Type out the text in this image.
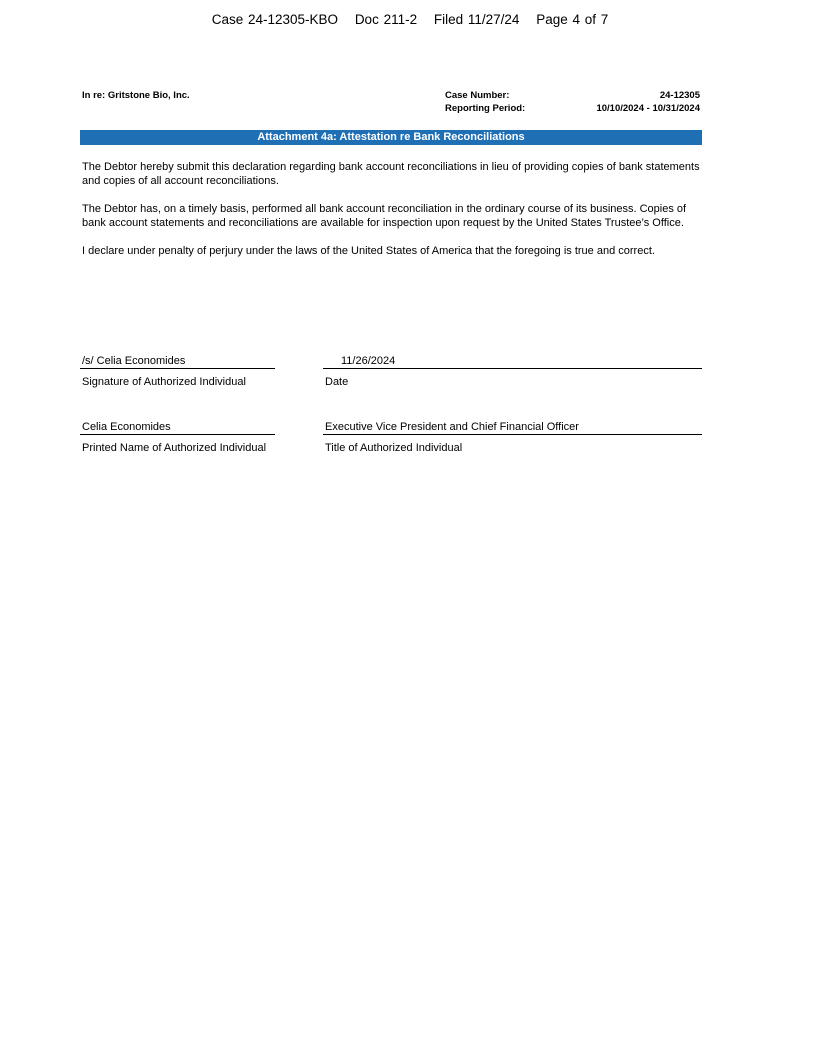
Case 24-12305-KBO Doc 211-2 Filed 11/27/24 Page 4 of 7
In re: Gritstone Bio, Inc.	Case Number:	24-12305
Reporting Period:	10/10/2024 - 10/31/2024
Attachment 4a: Attestation re Bank Reconciliations
The Debtor hereby submit this declaration regarding bank account reconciliations in lieu of providing copies of bank statements and copies of all account reconciliations.
The Debtor has, on a timely basis, performed all bank account reconciliation in the ordinary course of its business. Copies of bank account statements and reconciliations are available for inspection upon request by the United States Trustee’s Office.
I declare under penalty of perjury under the laws of the United States of America that the foregoing is true and correct.
/s/ Celia Economides
Signature of Authorized Individual
11/26/2024
Date
Celia Economides
Printed Name of Authorized Individual
Executive Vice President and Chief Financial Officer
Title of Authorized Individual
